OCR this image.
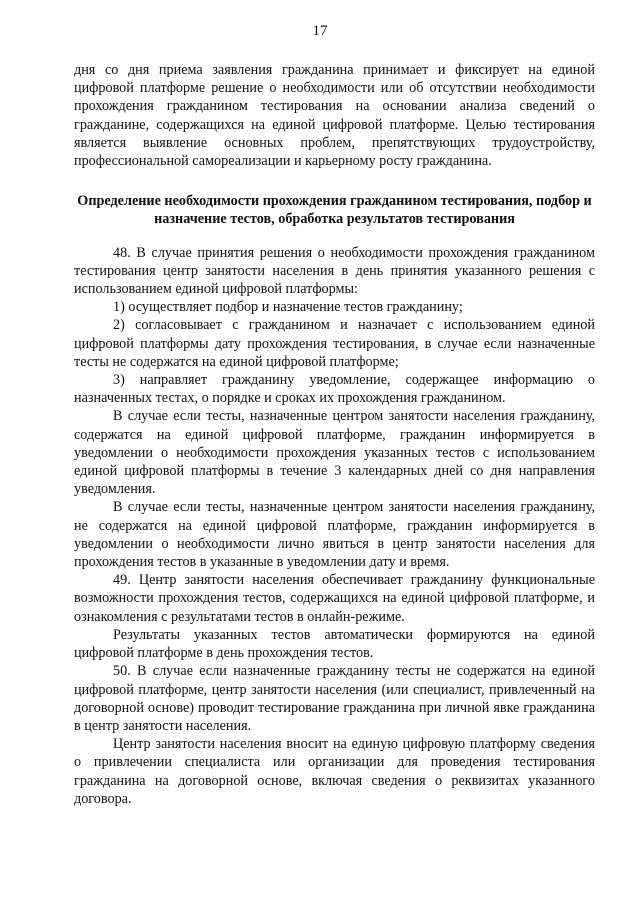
17

дня со дня приема заявления гражданина принимает и фиксирует на единой цифровой платформе решение о необходимости или об отсутствии необходимости прохождения гражданином тестирования на основании анализа сведений о гражданине, содержащихся на единой цифровой платформе. Целью тестирования является выявление основных проблем, препятствующих трудоустройству, профессиональной самореализации и карьерному росту гражданина.

Определение необходимости прохождения гражданином тестирования, подбор и назначение тестов, обработка результатов тестирования

48. В случае принятия решения о необходимости прохождения гражданином тестирования центр занятости населения в день принятия указанного решения с использованием единой цифровой платформы:

1) осуществляет подбор и назначение тестов гражданину;

2) согласовывает с гражданином и назначает с использованием единой цифровой платформы дату прохождения тестирования, в случае если назначенные тесты не содержатся на единой цифровой платформе;

3) направляет гражданину уведомление, содержащее информацию о назначенных тестах, о порядке и сроках их прохождения гражданином.

В случае если тесты, назначенные центром занятости населения гражданину, содержатся на единой цифровой платформе, гражданин информируется в уведомлении о необходимости прохождения указанных тестов с использованием единой цифровой платформы в течение 3 календарных дней со дня направления уведомления.

В случае если тесты, назначенные центром занятости населения гражданину, не содержатся на единой цифровой платформе, гражданин информируется в уведомлении о необходимости лично явиться в центр занятости населения для прохождения тестов в указанные в уведомлении дату и время.

49. Центр занятости населения обеспечивает гражданину функциональные возможности прохождения тестов, содержащихся на единой цифровой платформе, и ознакомления с результатами тестов в онлайн-режиме.

Результаты указанных тестов автоматически формируются на единой цифровой платформе в день прохождения тестов.

50. В случае если назначенные гражданину тесты не содержатся на единой цифровой платформе, центр занятости населения (или специалист, привлеченный на договорной основе) проводит тестирование гражданина при личной явке гражданина в центр занятости населения.

Центр занятости населения вносит на единую цифровую платформу сведения о привлечении специалиста или организации для проведения тестирования гражданина на договорной основе, включая сведения о реквизитах указанного договора.
